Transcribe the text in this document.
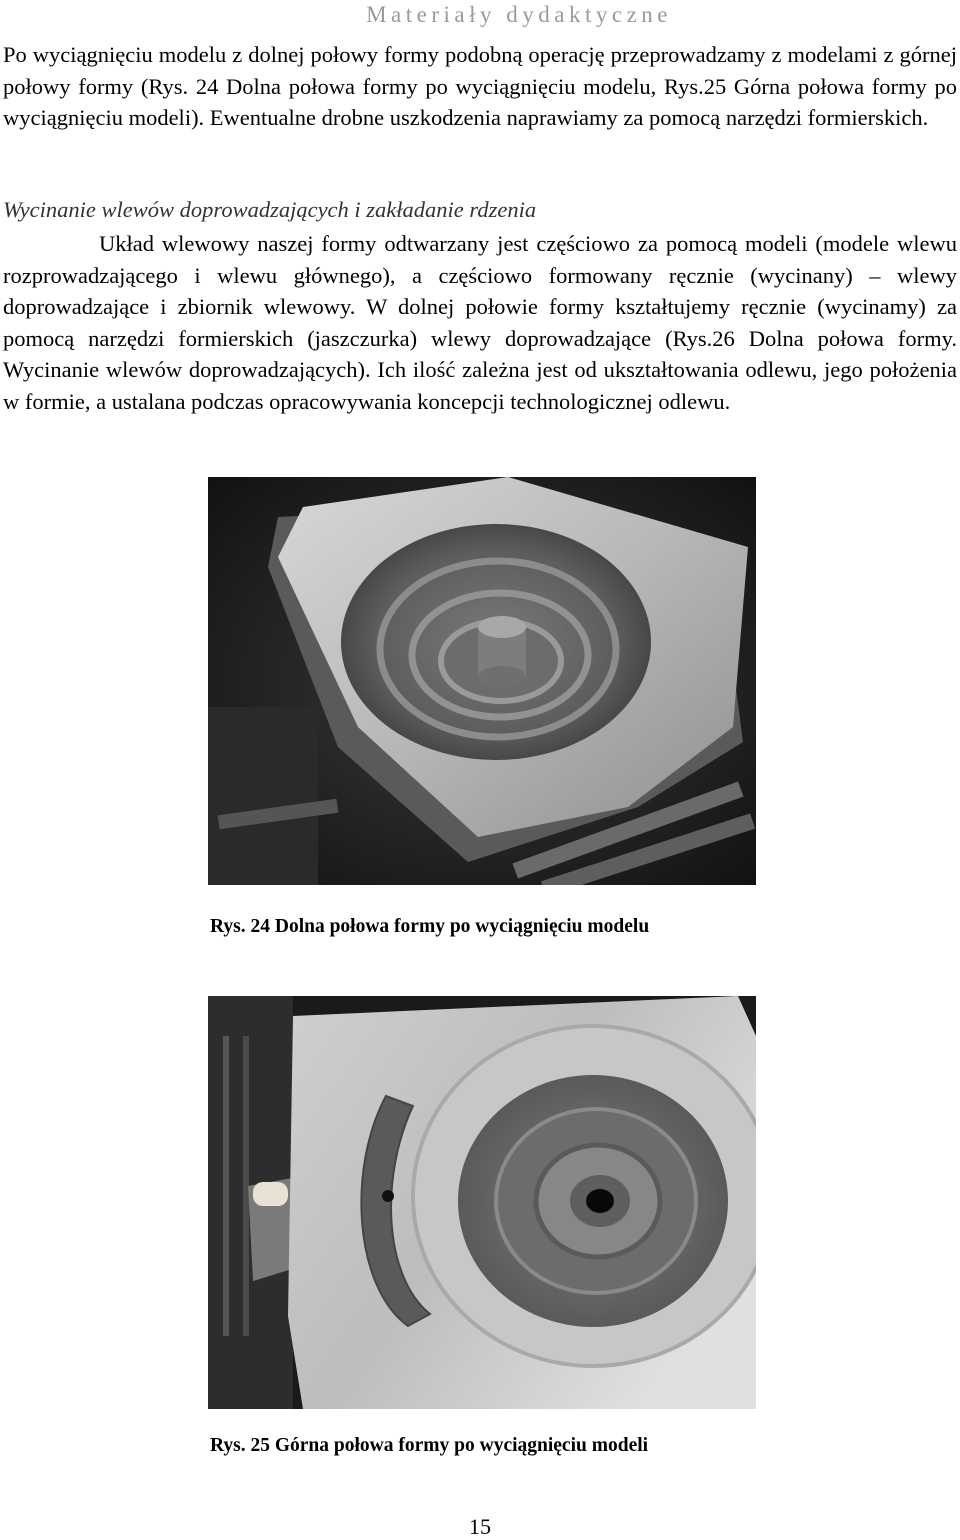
Materiały dydaktyczne

Po wyciągnięciu modelu z dolnej połowy formy podobną operację przeprowadzamy z modelami z górnej połowy formy (Rys. 24 Dolna połowa formy po wyciągnięciu modelu, Rys.25 Górna połowa formy po wyciągnięciu modeli). Ewentualne drobne uszkodzenia naprawiamy za pomocą narzędzi formierskich.

Wycinanie wlewów doprowadzających i zakładanie rdzenia

Układ wlewowy naszej formy odtwarzany jest częściowo za pomocą modeli (modele wlewu rozprowadzającego i wlewu głównego), a częściowo formowany ręcznie (wycinany) – wlewy doprowadzające i zbiornik wlewowy. W dolnej połowie formy kształtujemy ręcznie (wycinamy) za pomocą narzędzi formierskich (jaszczurka) wlewy doprowadzające (Rys.26 Dolna połowa formy. Wycinanie wlewów doprowadzających). Ich ilość zależna jest od ukształtowania odlewu, jego położenia w formie, a ustalana podczas opracowywania koncepcji technologicznej odlewu.

Rys. 24 Dolna połowa formy po wyciągnięciu modelu
Rys. 25 Górna połowa formy po wyciągnięciu modeli
15
